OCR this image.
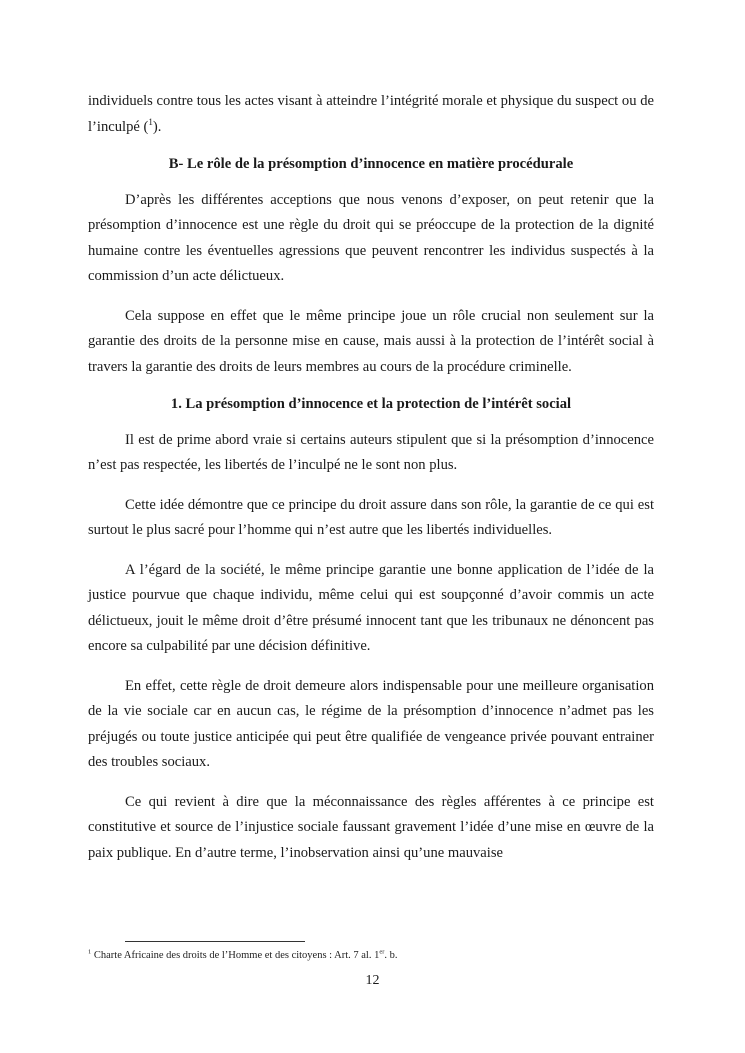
individuels contre tous les actes visant à atteindre l’intégrité morale et physique du suspect ou de l’inculpé ($^1$).

B- Le rôle de la présomption d’innocence en matière procédurale

D’après les différentes acceptions que nous venons d’exposer, on peut retenir que la présomption d’innocence est une règle du droit qui se préoccupe de la protection de la dignité humaine contre les éventuelles agressions que peuvent rencontrer les individus suspectés à la commission d’un acte délictueux.

Cela suppose en effet que le même principe joue un rôle crucial non seulement sur la garantie des droits de la personne mise en cause, mais aussi à la protection de l’intérêt social à travers la garantie des droits de leurs membres au cours de la procédure criminelle.

1. La présomption d’innocence et la protection de l’intérêt social

Il est de prime abord vraie si certains auteurs stipulent que si la présomption d’innocence n’est pas respectée, les libertés de l’inculpé ne le sont non plus.

Cette idée démontre que ce principe du droit assure dans son rôle, la garantie de ce qui est surtout le plus sacré pour l’homme qui n’est autre que les libertés individuelles.

A l’égard de la société, le même principe garantie une bonne application de l’idée de la justice pourvue que chaque individu, même celui qui est soupçonné d’avoir commis un acte délictueux, jouit le même droit d’être présumé innocent tant que les tribunaux ne dénoncent pas encore sa culpabilité par une décision définitive.

En effet, cette règle de droit demeure alors indispensable pour une meilleure organisation de la vie sociale car en aucun cas, le régime de la présomption d’innocence n’admet pas les préjugés ou toute justice anticipée qui peut être qualifiée de vengeance privée pouvant entrainer des troubles sociaux.

Ce qui revient à dire que la méconnaissance des règles afférentes à ce principe est constitutive et source de l’injustice sociale faussant gravement l’idée d’une mise en œuvre de la paix publique. En d’autre terme, l’inobservation ainsi qu’une mauvaise

$^1$ Charte Africaine des droits de l’Homme et des citoyens : Art. 7 al. 1er. b.
12
